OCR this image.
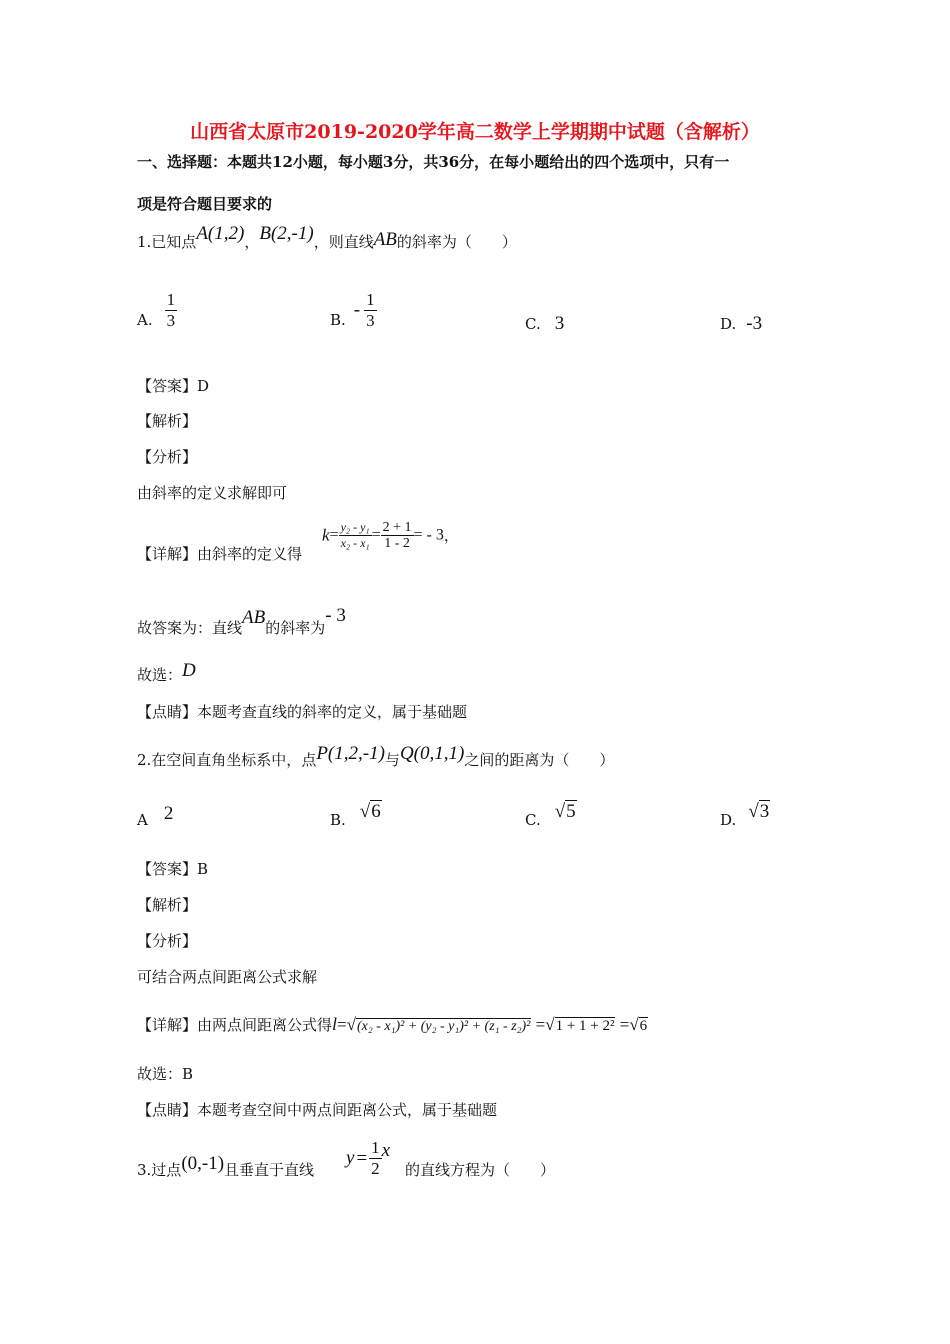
山西省太原市2019-2020学年高二数学上学期期中试题（含解析）
一、选择题：本题共12小题，每小题3分，共36分，在每小题给出的四个选项中，只有一
项是符合题目要求的
1.已知点A(1,2)，B(2,-1)，则直线AB的斜率为（　　）
A. $\frac{1}{3}$	B. - $\frac{1}{3}$	C. 3	D. -3
【答案】D
【解析】
【分析】
由斜率的定义求解即可
【详解】由斜率的定义得
$k= \frac{\text{y₂ - y₁}}{\text{x₂ - x₁}} = \frac{2 + 1}{1 - 2}$ = - 3，
故答案为：直线AB的斜率为- 3
故选：D
【点睛】本题考查直线的斜率的定义，属于基础题
2.在空间直角坐标系中，点P(1,2,-1)与Q(0,1,1)之间的距离为（　　）
A 2	B. √6	C. √5	D. √3
【答案】B
【解析】
【分析】
可结合两点间距离公式求解
【详解】由两点间距离公式得l=√(x₂ - x₁)² + (y₂ - y₁)² + (z₁ - z₂)² =√1 + 1 + 2² =√6
故选：B
【点睛】本题考查空间中两点间距离公式，属于基础题
3.过点(0,-1)且垂直于直线
$y = \frac{1}{2}$ x
的直线方程为（　　）
